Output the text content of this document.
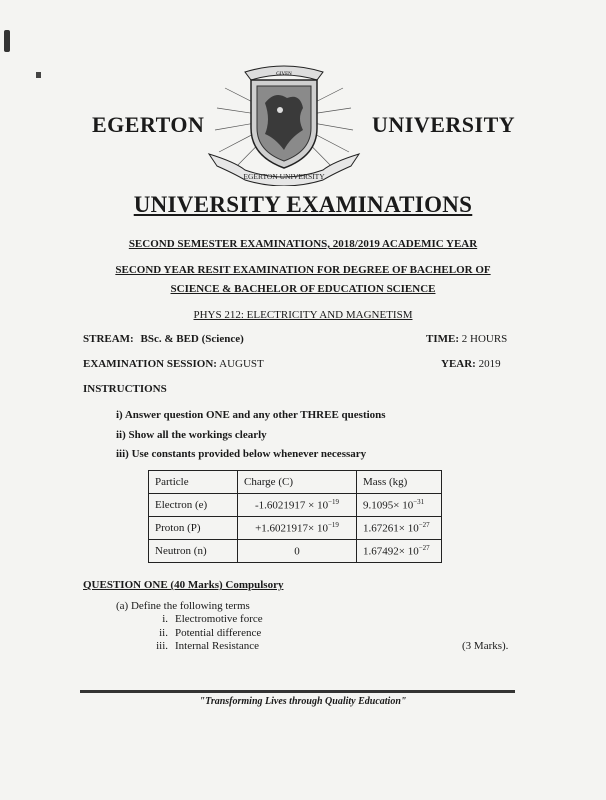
EGERTON	UNIVERSITY
GIVEN
EGERTON UNIVERSITY
UNIVERSITY EXAMINATIONS
SECOND SEMESTER EXAMINATIONS, 2018/2019 ACADEMIC YEAR
SECOND YEAR RESIT EXAMINATION FOR DEGREE OF BACHELOR OF
SCIENCE & BACHELOR OF EDUCATION SCIENCE
PHYS 212: ELECTRICITY AND MAGNETISM
STREAM: BSc. & BED (Science)	TIME: 2 HOURS
EXAMINATION SESSION: AUGUST	YEAR: 2019
INSTRUCTIONS
i) Answer question ONE and any other THREE questions
ii) Show all the workings clearly
iii) Use constants provided below whenever necessary
Particle	Charge (C)	Mass (kg)
Electron (e)	$-1.6021917 \times 10^{-19}$	$9.1095\times 10^{-31}$
Proton (P)	$+1.6021917\times 10^{-19}$	$1.67261\times 10^{-27}$
Neutron (n)	0	$1.67492\times 10^{-27}$
QUESTION ONE (40 Marks) Compulsory
(a) Define the following terms
i. Electromotive force
ii. Potential difference
iii. Internal Resistance	(3 Marks).
"Transforming Lives through Quality Education"
